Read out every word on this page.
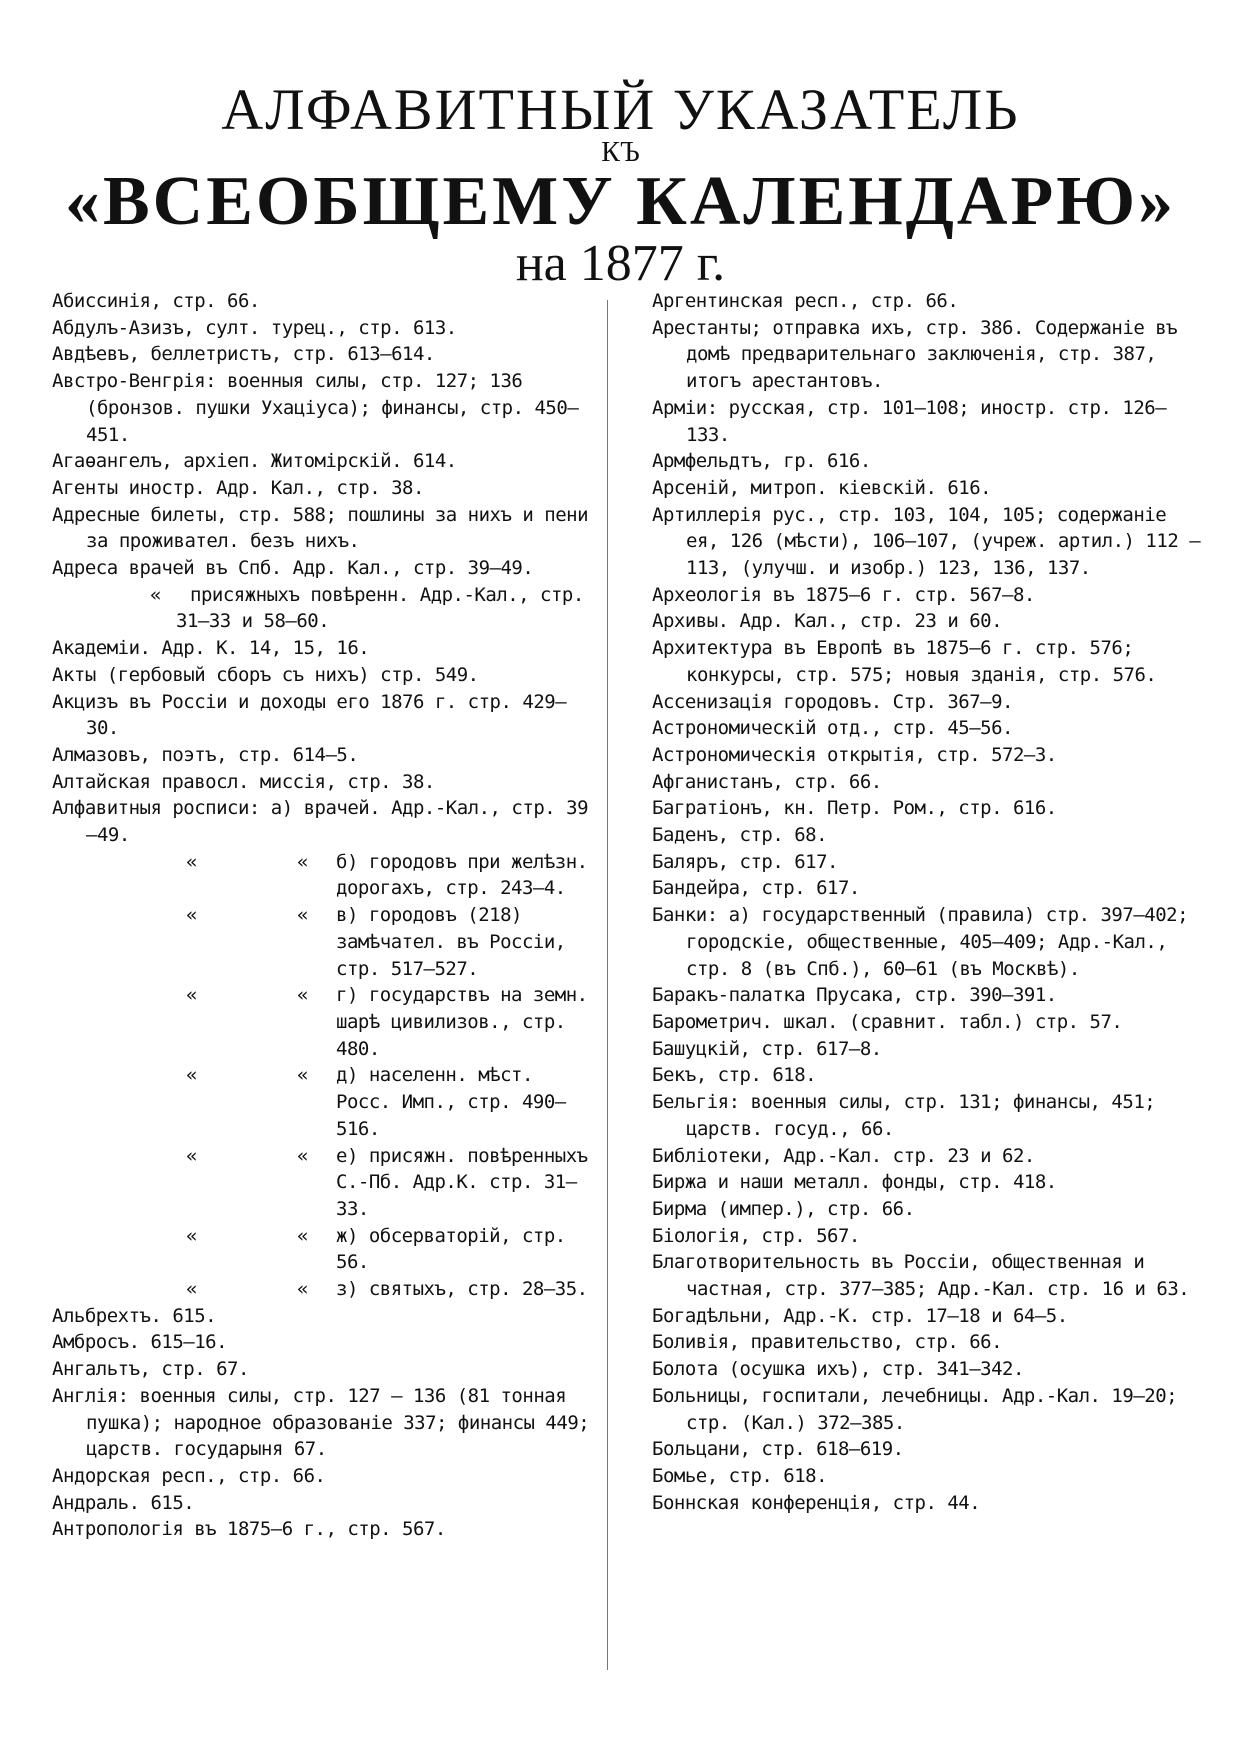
АЛФАВИТНЫЙ УКАЗАТЕЛЬ
КЪ
«ВСЕОБЩЕМУ КАЛЕНДАРЮ»
на 1877 г.
Абиссинія, стр. 66.
Абдулъ-Азизъ, султ. турец., стр. 613.
Авдѣевъ, беллетристъ, стр. 613—614.
Австро-Венгрія: военныя силы, стр. 127; 136 (бронзов. пушки Ухаціуса); финансы, стр. 450—451.
Агаѳангелъ, архіеп. Житомірскій. 614.
Агенты иностр. Адр. Кал., стр. 38.
Адресные билеты, стр. 588; пошлины за нихъ и пени за проживател. безъ нихъ.
Адреса врачей въ Спб. Адр. Кал., стр. 39—49.
« присяжныхъ повѣренн. Адр.-Кал., стр. 31—33 и 58—60.
Академіи. Адр. К. 14, 15, 16.
Акты (гербовый сборъ съ нихъ) стр. 549.
Акцизъ въ Россіи и доходы его 1876 г. стр. 429—30.
Алмазовъ, поэтъ, стр. 614—5.
Алтайская правосл. миссія, стр. 38.
Алфавитныя росписи: а) врачей. Адр.-Кал., стр. 39—49.
«	« б) городовъ при желѣзн. дорогахъ, стр. 243—4.
«	« в) городовъ (218) замѣчател. въ Россіи, стр. 517—527.
«	« г) государствъ на земн. шарѣ цивилизов., стр. 480.
«	« д) населенн. мѣст. Росс. Имп., стр. 490—516.
«	« е) присяжн. повѣренныхъ С.-Пб. Адр.К. стр. 31—33.
«	« ж) обсерваторій, стр. 56.
«	« з) святыхъ, стр. 28—35.
Альбрехтъ. 615.
Амбросъ. 615—16.
Ангальтъ, стр. 67.
Англія: военныя силы, стр. 127 — 136 (81 тонная пушка); народное образованіе 337; финансы 449; царств. государыня 67.
Андорская респ., стр. 66.
Андраль. 615.
Антропологія въ 1875—6 г., стр. 567.
Аргентинская респ., стр. 66.
Арестанты; отправка ихъ, стр. 386. Содержаніе въ домѣ предварительнаго заключенія, стр. 387, итогъ арестантовъ.
Арміи: русская, стр. 101—108; иностр. стр. 126—133.
Армфельдтъ, гр. 616.
Арсеній, митроп. кіевскій. 616.
Артиллерія рус., стр. 103, 104, 105; содержаніе ея, 126 (мѣсти), 106—107, (учреж. артил.) 112 — 113, (улучш. и изобр.) 123, 136, 137.
Археологія въ 1875—6 г. стр. 567—8.
Архивы. Адр. Кал., стр. 23 и 60.
Архитектура въ Европѣ въ 1875—6 г. стр. 576; конкурсы, стр. 575; новыя зданія, стр. 576.
Ассенизація городовъ. Стр. 367—9.
Астрономическій отд., стр. 45—56.
Астрономическія открытія, стр. 572—3.
Афганистанъ, стр. 66.
Багратіонъ, кн. Петр. Ром., стр. 616.
Баденъ, стр. 68.
Баляръ, стр. 617.
Бандейра, стр. 617.
Банки: а) государственный (правила) стр. 397—402; городскіе, общественные, 405—409; Адр.-Кал., стр. 8 (въ Спб.), 60—61 (въ Москвѣ).
Баракъ-палатка Прусака, стр. 390—391.
Барометрич. шкал. (сравнит. табл.) стр. 57.
Башуцкій, стр. 617—8.
Бекъ, стр. 618.
Бельгія: военныя силы, стр. 131; финансы, 451; царств. госуд., 66.
Библіотеки, Адр.-Кал. стр. 23 и 62.
Биржа и наши металл. фонды, стр. 418.
Бирма (импер.), стр. 66.
Біологія, стр. 567.
Благотворительность въ Россіи, общественная и частная, стр. 377—385; Адр.-Кал. стр. 16 и 63.
Богадѣльни, Адр.-К. стр. 17—18 и 64—5.
Боливія, правительство, стр. 66.
Болота (осушка ихъ), стр. 341—342.
Больницы, госпитали, лечебницы. Адр.-Кал. 19—20; стр. (Кал.) 372—385.
Больцани, стр. 618—619.
Бомье, стр. 618.
Боннская конференція, стр. 44.
